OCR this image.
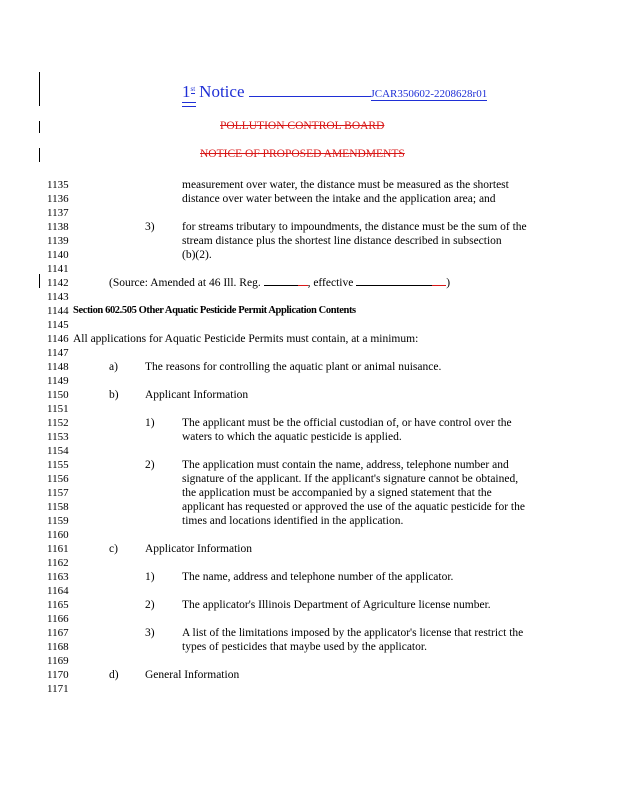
1st Notice	JCAR350602-2208628r01
POLLUTION CONTROL BOARD
NOTICE OF PROPOSED AMENDMENTS
1135
1136
1137
1138
1139
1140
1141
1142
1143
1144
1145
1146
1147
1148
1149
1150
1151
1152
1153
1154
1155
1156
1157
1158
1159
1160
1161
1162
1163
1164
1165
1166
1167
1168
1169
1170
1171
measurement over water, the distance must be measured as the shortest
distance over water between the intake and the application area; and
3) for streams tributary to impoundments, the distance must be the sum of the
stream distance plus the shortest line distance described in subsection
(b)(2).
(Source: Amended at 46 Ill. Reg.	, effective	)
Section 602.505 Other Aquatic Pesticide Permit Application Contents
All applications for Aquatic Pesticide Permits must contain, at a minimum:
a) The reasons for controlling the aquatic plant or animal nuisance.
b) Applicant Information
1) The applicant must be the official custodian of, or have control over the
waters to which the aquatic pesticide is applied.
2) The application must contain the name, address, telephone number and
signature of the applicant. If the applicant's signature cannot be obtained,
the application must be accompanied by a signed statement that the
applicant has requested or approved the use of the aquatic pesticide for the
times and locations identified in the application.
c) Applicator Information
1) The name, address and telephone number of the applicator.
2) The applicator's Illinois Department of Agriculture license number.
3) A list of the limitations imposed by the applicator's license that restrict the
types of pesticides that maybe used by the applicator.
d) General Information
